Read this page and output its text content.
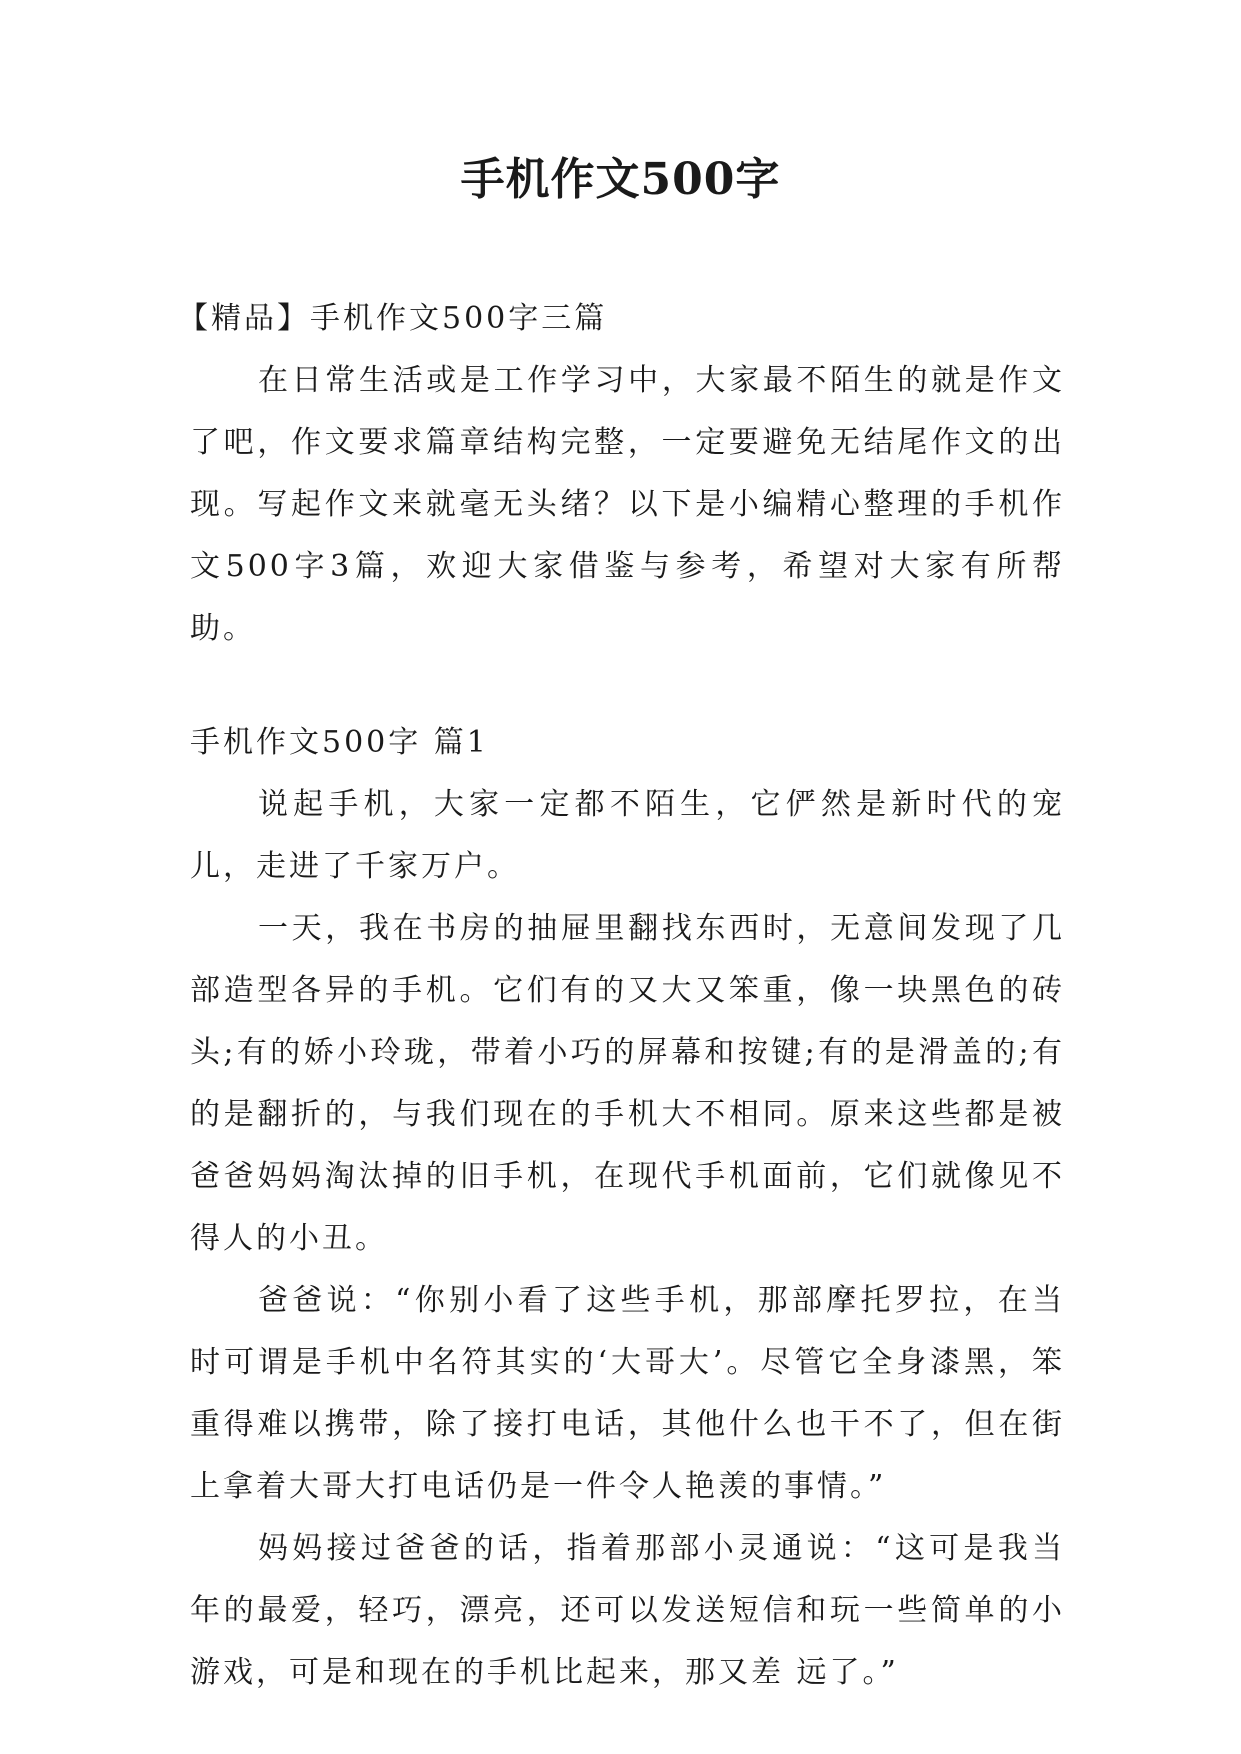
手机作文500字

【精品】手机作文500字三篇

在日常生活或是工作学习中，大家最不陌生的就是作文了吧，作文要求篇章结构完整，一定要避免无结尾作文的出现。写起作文来就毫无头绪？以下是小编精心整理的手机作文500字3篇，欢迎大家借鉴与参考，希望对大家有所帮助。

手机作文500字 篇1

说起手机，大家一定都不陌生，它俨然是新时代的宠儿，走进了千家万户。

一天，我在书房的抽屉里翻找东西时，无意间发现了几部造型各异的手机。它们有的又大又笨重，像一块黑色的砖头;有的娇小玲珑，带着小巧的屏幕和按键;有的是滑盖的;有的是翻折的，与我们现在的手机大不相同。原来这些都是被爸爸妈妈淘汰掉的旧手机，在现代手机面前，它们就像见不得人的小丑。

爸爸说：“你别小看了这些手机，那部摩托罗拉，在当时可谓是手机中名符其实的‘大哥大’。尽管它全身漆黑，笨重得难以携带，除了接打电话，其他什么也干不了，但在街上拿着大哥大打电话仍是一件令人艳羡的事情。”

妈妈接过爸爸的话，指着那部小灵通说：“这可是我当年的最爱，轻巧，漂亮，还可以发送短信和玩一些简单的小游戏，可是和现在的手机比起来，那又差 远了。”
